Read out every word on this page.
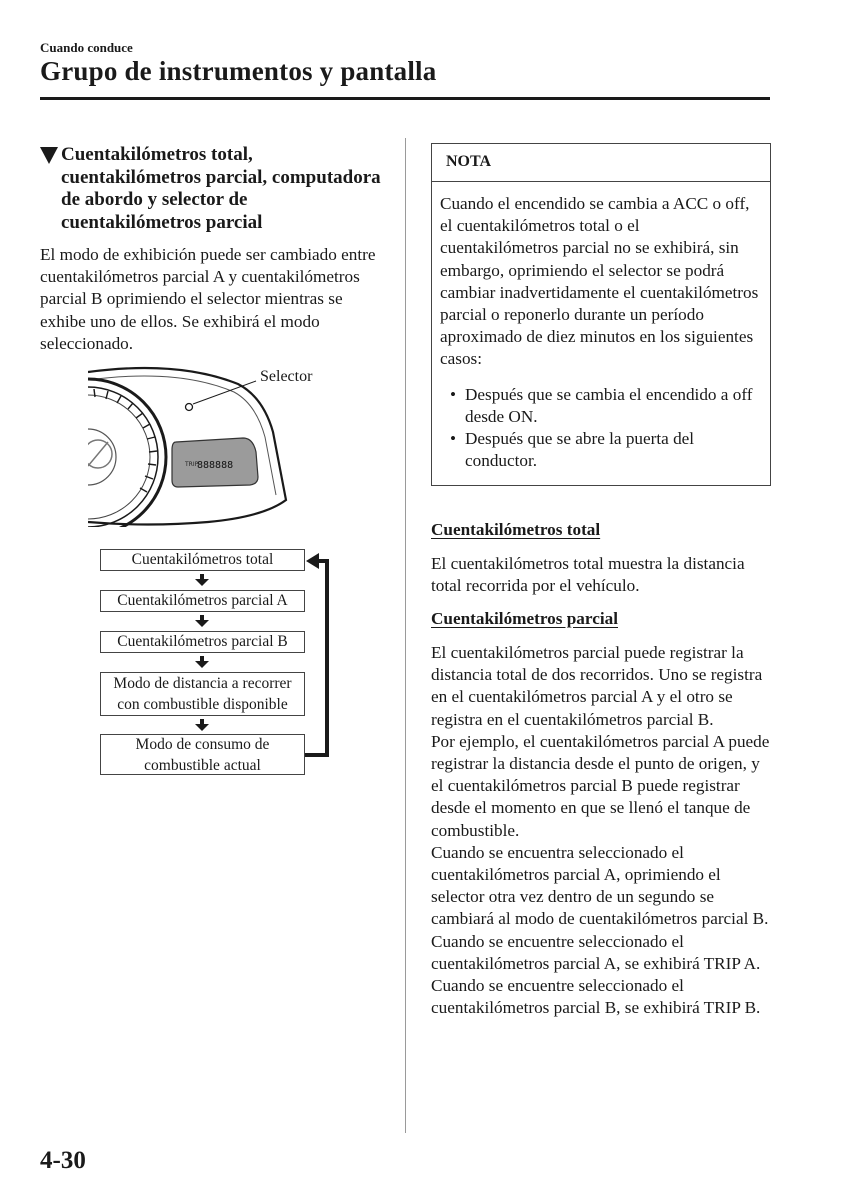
Cuando conduce
Grupo de instrumentos y pantalla
Cuentakilómetros total, cuentakilómetros parcial, computadora de abordo y selector de cuentakilómetros parcial
El modo de exhibición puede ser cambiado entre cuentakilómetros parcial A y cuentakilómetros parcial B oprimiendo el selector mientras se exhibe uno de ellos. Se exhibirá el modo seleccionado.
TRIP
888888
Selector
Cuentakilómetros total
Cuentakilómetros parcial A
Cuentakilómetros parcial B
Modo de distancia a recorrer con combustible disponible
Modo de consumo de combustible actual
NOTA
Cuando el encendido se cambia a ACC o off, el cuentakilómetros total o el cuentakilómetros parcial no se exhibirá, sin embargo, oprimiendo el selector se podrá cambiar inadvertidamente el cuentakilómetros parcial o reponerlo durante un período aproximado de diez minutos en los siguientes casos:
• Después que se cambia el encendido a off desde ON.
• Después que se abre la puerta del conductor.
Cuentakilómetros total
El cuentakilómetros total muestra la distancia total recorrida por el vehículo.
Cuentakilómetros parcial
El cuentakilómetros parcial puede registrar la distancia total de dos recorridos. Uno se registra en el cuentakilómetros parcial A y el otro se registra en el cuentakilómetros parcial B.
Por ejemplo, el cuentakilómetros parcial A puede registrar la distancia desde el punto de origen, y el cuentakilómetros parcial B puede registrar desde el momento en que se llenó el tanque de combustible.
Cuando se encuentra seleccionado el cuentakilómetros parcial A, oprimiendo el selector otra vez dentro de un segundo se cambiará al modo de cuentakilómetros parcial B.
Cuando se encuentre seleccionado el cuentakilómetros parcial A, se exhibirá TRIP A. Cuando se encuentre seleccionado el cuentakilómetros parcial B, se exhibirá TRIP B.
4-30
